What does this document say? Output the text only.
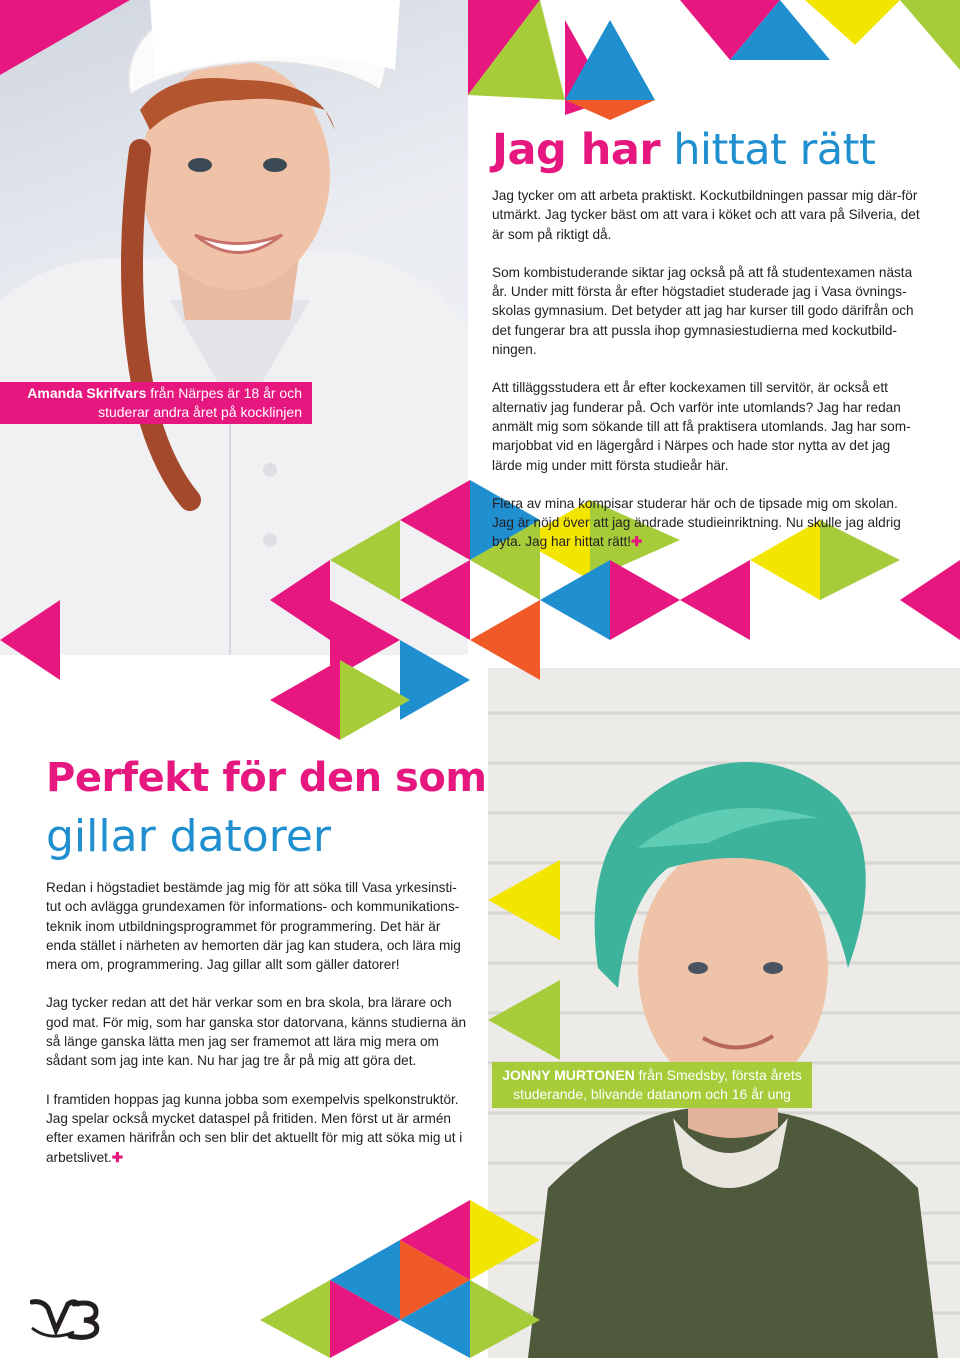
Jag har hittat rätt

Jag tycker om att arbeta praktiskt. Kockutbildningen passar mig där-för utmärkt. Jag tycker bäst om att vara i köket och att vara på Silveria, det är som på riktigt då.

Som kombistuderande siktar jag också på att få studentexamen nästa år. Under mitt första år efter högstadiet studerade jag i Vasa övnings-skolas gymnasium. Det betyder att jag har kurser till godo därifrån och det fungerar bra att pussla ihop gymnasiestudierna med kockutbild-ningen.

Att tilläggsstudera ett år efter kockexamen till servitör, är också ett alternativ jag funderar på. Och varför inte utomlands? Jag har redan anmält mig som sökande till att få praktisera utomlands. Jag har som-marjobbat vid en lägergård i Närpes och hade stor nytta av det jag lärde mig under mitt första studieår här.

Flera av mina kompisar studerar här och de tipsade mig om skolan. Jag är nöjd över att jag ändrade studieinriktning. Nu skulle jag aldrig byta. Jag har hittat rätt!✚

Amanda Skrifvars från Närpes är 18 år och
studerar andra året på kocklinjen
Perfekt för den som
gillar datorer

Redan i högstadiet bestämde jag mig för att söka till Vasa yrkesinsti-tut och avlägga grundexamen för informations- och kommunikations-teknik inom utbildningsprogrammet för programmering. Det här är enda stället i närheten av hemorten där jag kan studera, och lära mig mera om, programmering. Jag gillar allt som gäller datorer!

Jag tycker redan att det här verkar som en bra skola, bra lärare och god mat. För mig, som har ganska stor datorvana, känns studierna än så länge ganska lätta men jag ser framemot att lära mig mera om sådant som jag inte kan. Nu har jag tre år på mig att göra det.

I framtiden hoppas jag kunna jobba som exempelvis spelkonstruktör. Jag spelar också mycket dataspel på fritiden. Men först ut är armén efter examen härifrån och sen blir det aktuellt för mig att söka mig ut i arbetslivet.✚

JONNY MURTONEN från Smedsby, första årets
studerande, blivande datanom och 16 år ung
